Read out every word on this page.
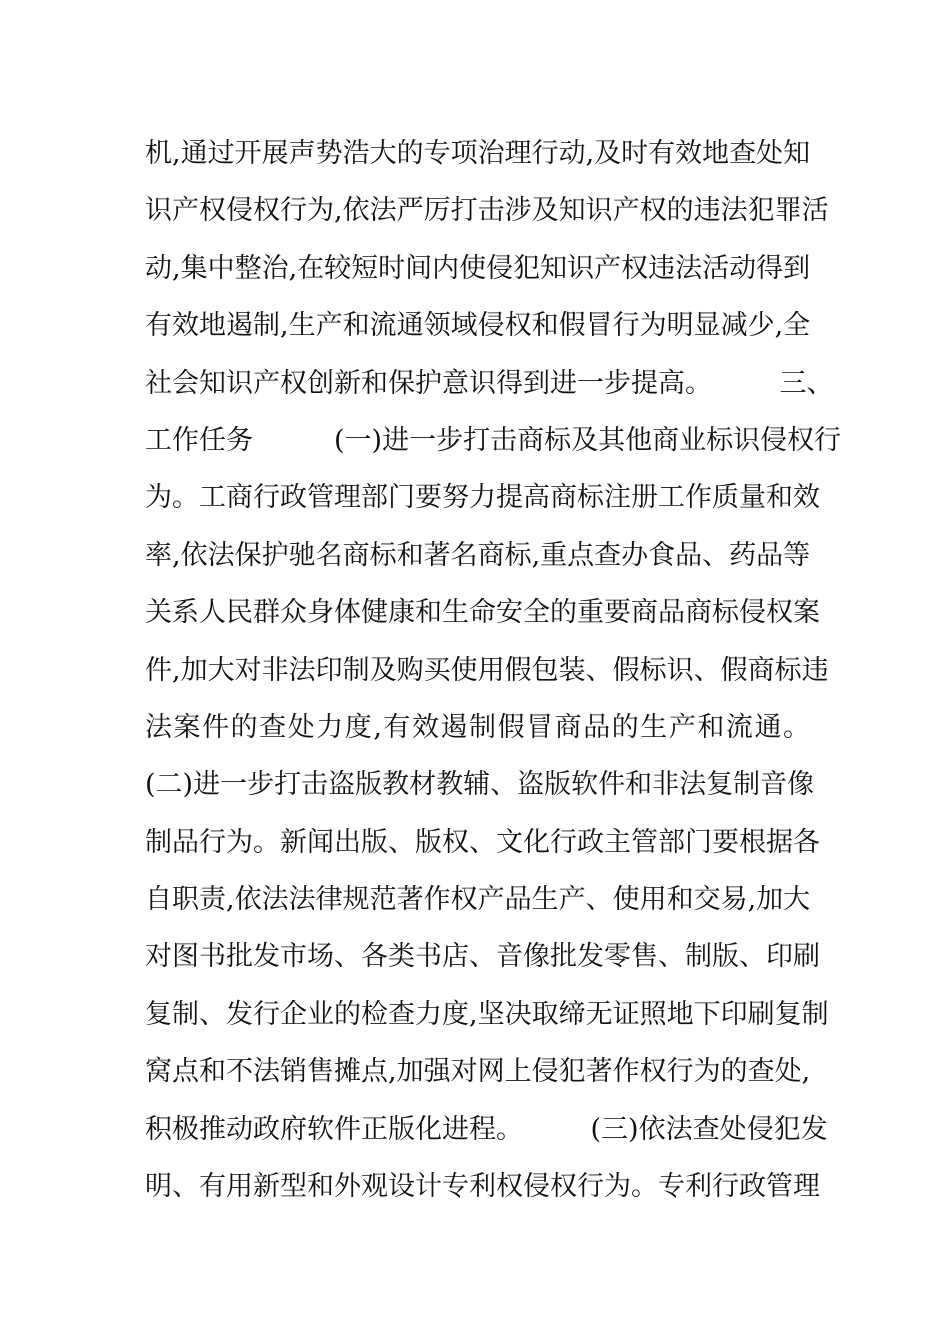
机,通过开展声势浩大的专项治理行动,及时有效地查处知
识产权侵权行为,依法严厉打击涉及知识产权的违法犯罪活
动,集中整治,在较短时间内使侵犯知识产权违法活动得到
有效地遏制,生产和流通领域侵权和假冒行为明显减少,全
社会知识产权创新和保护意识得到进一步提高。　　　三、
工作任务　　　(一)进一步打击商标及其他商业标识侵权行
为。工商行政管理部门要努力提高商标注册工作质量和效
率,依法保护驰名商标和著名商标,重点查办食品、药品等
关系人民群众身体健康和生命安全的重要商品商标侵权案
件,加大对非法印制及购买使用假包装、假标识、假商标违
法案件的查处力度,有效遏制假冒商品的生产和流通。
(二)进一步打击盗版教材教辅、盗版软件和非法复制音像
制品行为。新闻出版、版权、文化行政主管部门要根据各
自职责,依法法律规范著作权产品生产、使用和交易,加大
对图书批发市场、各类书店、音像批发零售、制版、印刷
复制、发行企业的检查力度,坚决取缔无证照地下印刷复制
窝点和不法销售摊点,加强对网上侵犯著作权行为的查处,
积极推动政府软件正版化进程。　　　(三)依法查处侵犯发
明、有用新型和外观设计专利权侵权行为。专利行政管理
